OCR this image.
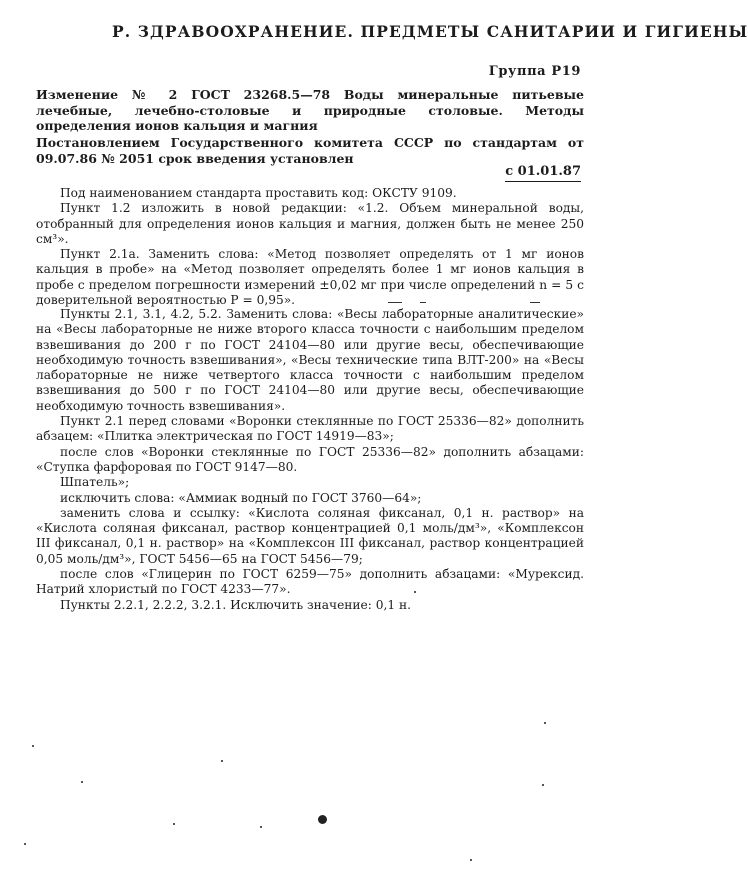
Р. ЗДРАВООХРАНЕНИЕ. ПРЕДМЕТЫ САНИТАРИИ И ГИГИЕНЫ
Группа Р19

Изменение № 2 ГОСТ 23268.5—78 Воды минеральные питьевые лечебные, лечебно-столовые и природные столовые. Методы определения ионов кальция и магния

Постановлением Государственного комитета СССР по стандартам от 09.07.86 № 2051 срок введения установлен

с 01.01.87

Под наименованием стандарта проставить код: ОКСТУ 9109.

Пункт 1.2 изложить в новой редакции: «1.2. Объем минеральной воды, отобранный для определения ионов кальция и магния, должен быть не менее 250 см³».

Пункт 2.1а. Заменить слова: «Метод позволяет определять от 1 мг ионов кальция в пробе» на «Метод позволяет определять более 1 мг ионов кальция в пробе с пределом погрешности измерений ±0,02 мг при числе определений n = 5 с доверительной вероятностью P = 0,95».

Пункты 2.1, 3.1, 4.2, 5.2. Заменить слова: «Весы лабораторные аналитические» на «Весы лабораторные не ниже второго класса точности с наибольшим пределом взвешивания до 200 г по ГОСТ 24104—80 или другие весы, обеспечивающие необходимую точность взвешивания», «Весы технические типа ВЛТ-200» на «Весы лабораторные не ниже четвертого класса точности с наибольшим пределом взвешивания до 500 г по ГОСТ 24104—80 или другие весы, обеспечивающие необходимую точность взвешивания».

Пункт 2.1 перед словами «Воронки стеклянные по ГОСТ 25336—82» дополнить абзацем: «Плитка электрическая по ГОСТ 14919—83»;

после слов «Воронки стеклянные по ГОСТ 25336—82» дополнить абзацами: «Ступка фарфоровая по ГОСТ 9147—80.

Шпатель»;

исключить слова: «Аммиак водный по ГОСТ 3760—64»;

заменить слова и ссылку: «Кислота соляная фиксанал, 0,1 н. раствор» на «Кислота соляная фиксанал, раствор концентрацией 0,1 моль/дм³», «Комплексон III фиксанал, 0,1 н. раствор» на «Комплексон III фиксанал, раствор концентрацией 0,05 моль/дм³», ГОСТ 5456—65 на ГОСТ 5456—79;

после слов «Глицерин по ГОСТ 6259—75» дополнить абзацами: «Мурексид. Натрий хлористый по ГОСТ 4233—77».

Пункты 2.2.1, 2.2.2, 3.2.1. Исключить значение: 0,1 н.
